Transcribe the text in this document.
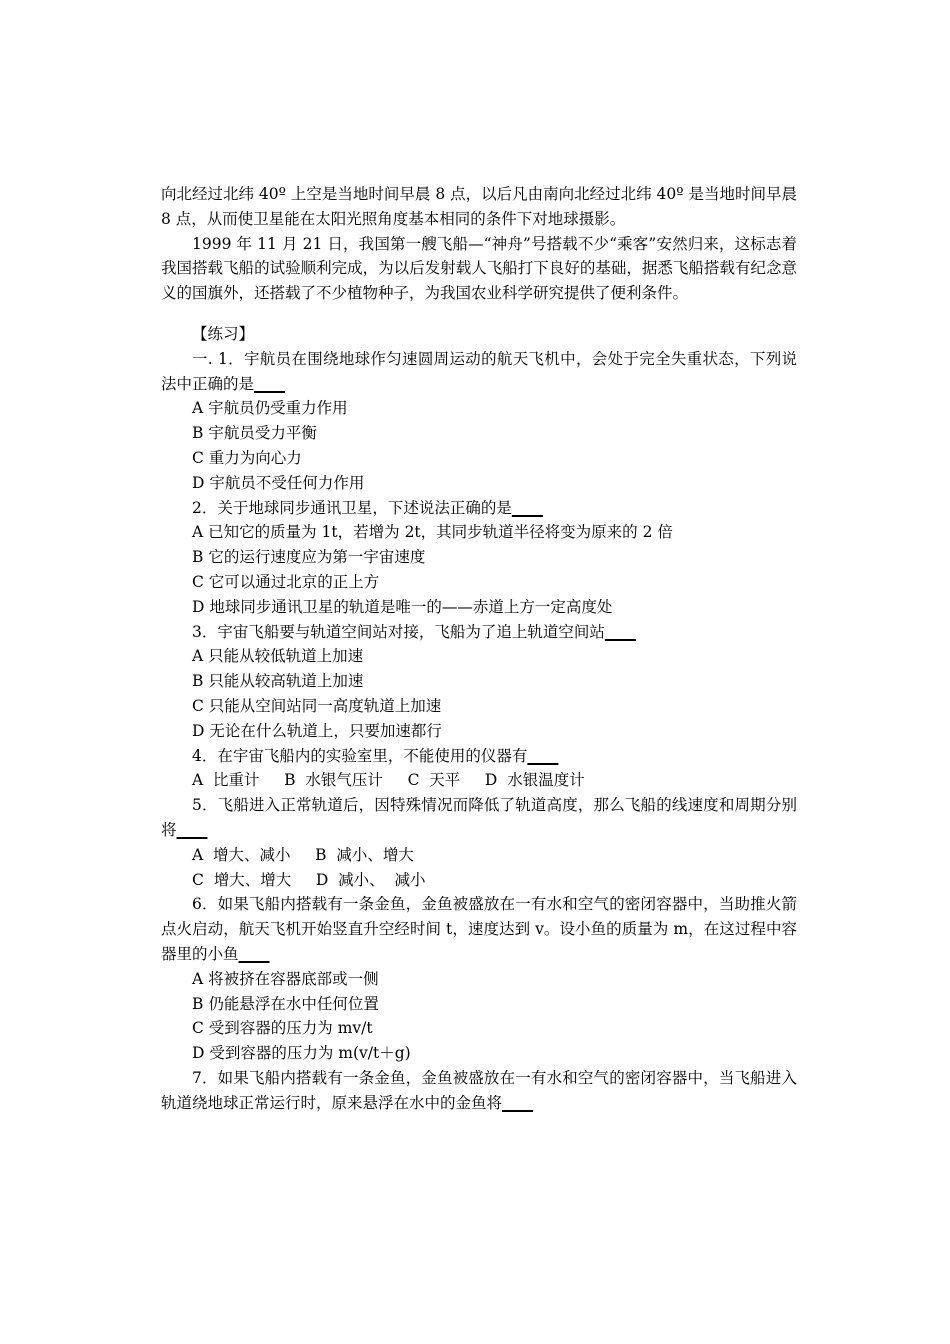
向北经过北纬 40º 上空是当地时间早晨 8 点，以后凡由南向北经过北纬 40º 是当地时间早晨 8 点，从而使卫星能在太阳光照角度基本相同的条件下对地球摄影。

1999 年 11 月 21 日，我国第一艘飞船—“神舟”号搭载不少“乘客”安然归来，这标志着我国搭载飞船的试验顺利完成，为以后发射载人飞船打下良好的基础，据悉飞船搭载有纪念意义的国旗外，还搭载了不少植物种子，为我国农业科学研究提供了便利条件。

【练习】

一. 1．宇航员在围绕地球作匀速圆周运动的航天飞机中，会处于完全失重状态，下列说法中正确的是____

A 宇航员仍受重力作用

B 宇航员受力平衡

C 重力为向心力

D 宇航员不受任何力作用

2．关于地球同步通讯卫星，下述说法正确的是____

A 已知它的质量为 1t，若增为 2t，其同步轨道半径将变为原来的 2 倍

B 它的运行速度应为第一宇宙速度

C 它可以通过北京的正上方

D 地球同步通讯卫星的轨道是唯一的——赤道上方一定高度处

3．宇宙飞船要与轨道空间站对接，飞船为了追上轨道空间站____

A 只能从较低轨道上加速

B 只能从较高轨道上加速

C 只能从空间站同一高度轨道上加速

D 无论在什么轨道上，只要加速都行

4．在宇宙飞船内的实验室里，不能使用的仪器有____

A  比重计     B  水银气压计     C  天平     D  水银温度计

5．飞船进入正常轨道后，因特殊情况而降低了轨道高度，那么飞船的线速度和周期分别将____

A  增大、减小     B  减小、增大

C  增大、增大     D  减小、  减小

6．如果飞船内搭载有一条金鱼，金鱼被盛放在一有水和空气的密闭容器中，当助推火箭点火启动，航天飞机开始竖直升空经时间 t，速度达到 v。设小鱼的质量为 m，在这过程中容器里的小鱼____

A 将被挤在容器底部或一侧

B 仍能悬浮在水中任何位置

C 受到容器的压力为 mv/t

D 受到容器的压力为 m(v/t＋g)

7．如果飞船内搭载有一条金鱼，金鱼被盛放在一有水和空气的密闭容器中，当飞船进入轨道绕地球正常运行时，原来悬浮在水中的金鱼将____
